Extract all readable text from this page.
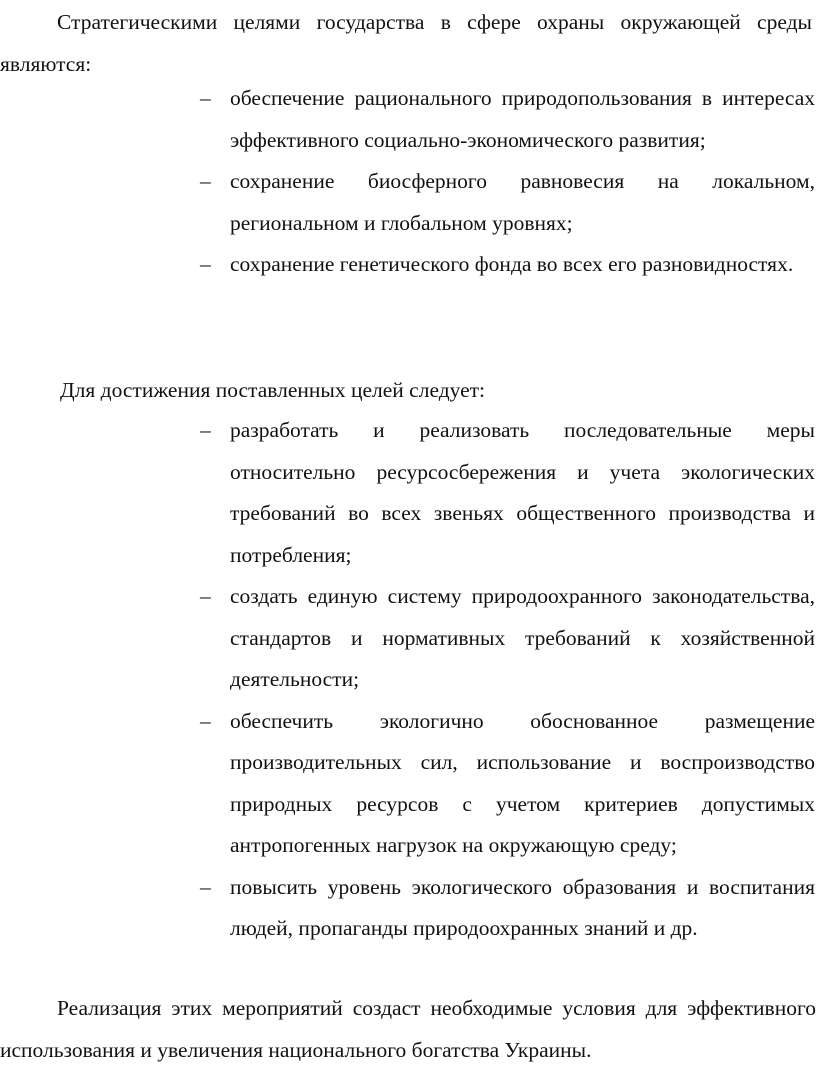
Стратегическими целями государства в сфере охраны окружающей среды являются:

– обеспечение рационального природопользования в интересах эффективного социально-экономического развития;
– сохранение биосферного равновесия на локальном, региональном и глобальном уровнях;
– сохранение генетического фонда во всех его разновидностях.

Для достижения поставленных целей следует:

– разработать и реализовать последовательные меры относительно ресурсосбережения и учета экологических требований во всех звеньях общественного производства и потребления;
– создать единую систему природоохранного законодательства, стандартов и нормативных требований к хозяйственной деятельности;
– обеспечить экологично обоснованное размещение производительных сил, использование и воспроизводство природных ресурсов с учетом критериев допустимых антропогенных нагрузок на окружающую среду;
– повысить уровень экологического образования и воспитания людей, пропаганды природоохранных знаний и др.

Реализация этих мероприятий создаст необходимые условия для эффективного использования и увеличения национального богатства Украины.
